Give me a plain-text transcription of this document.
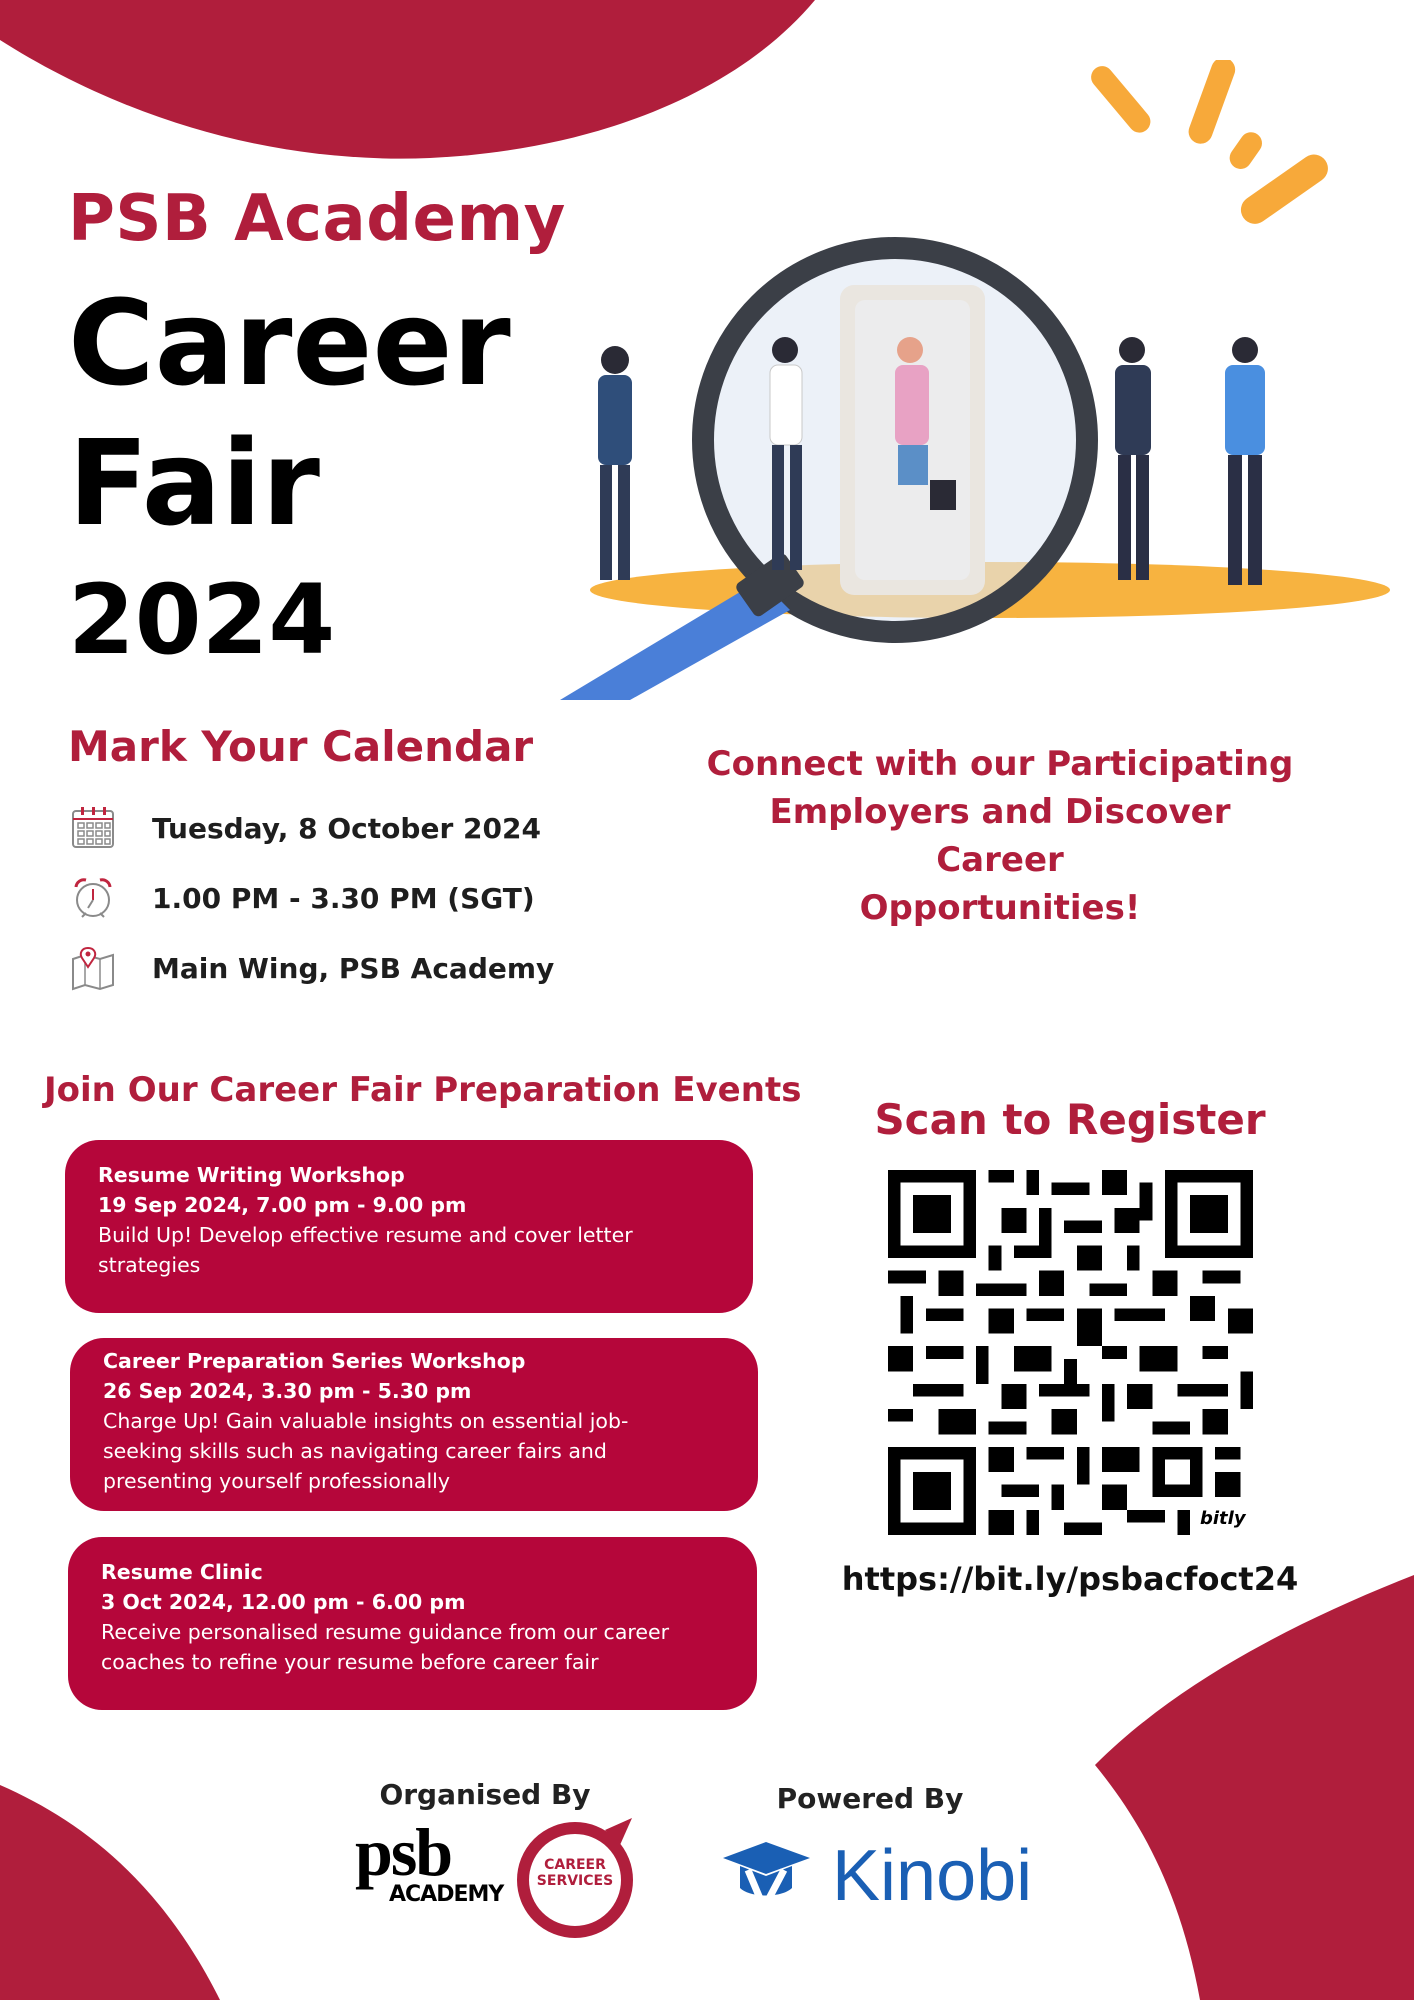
PSB Academy
Career
Fair
2024
Mark Your Calendar
Tuesday, 8 October 2024
1.00 PM - 3.30 PM (SGT)
Main Wing, PSB Academy
Connect with our Participating
Employers and Discover Career
Opportunities!
Join Our Career Fair Preparation Events
Resume Writing Workshop
19 Sep 2024, 7.00 pm - 9.00 pm
Build Up! Develop effective resume and cover letter
strategies
Career Preparation Series Workshop
26 Sep 2024, 3.30 pm - 5.30 pm
Charge Up! Gain valuable insights on essential job-
seeking skills such as navigating career fairs and
presenting yourself professionally
Resume Clinic
3 Oct 2024, 12.00 pm - 6.00 pm
Receive personalised resume guidance from our career
coaches to refine your resume before career fair
Scan to Register
bitly
https://bit.ly/psbacfoct24
Organised By	Powered By
psb
ACADEMY
CAREER
SERVICES	Kinobi
